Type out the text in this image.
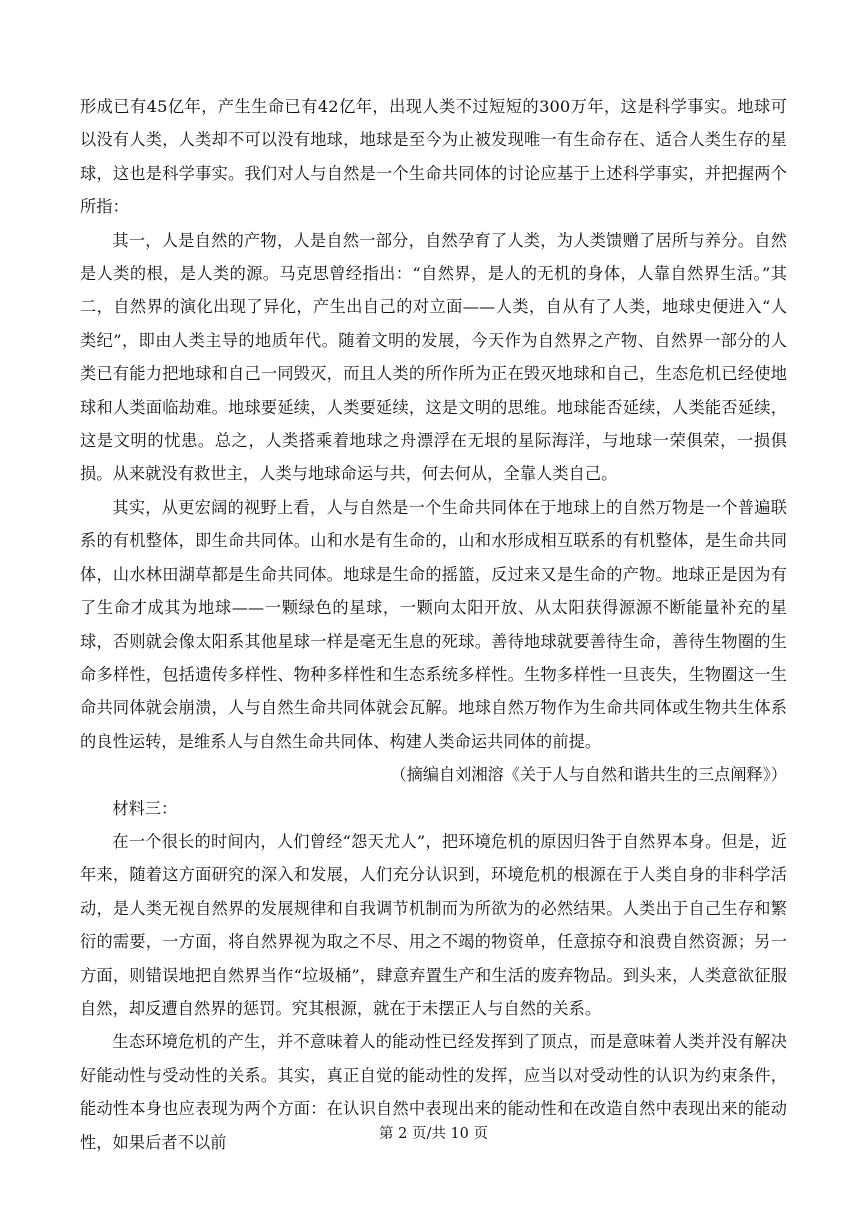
形成已有45亿年，产生生命已有42亿年，出现人类不过短短的300万年，这是科学事实。地球可以没有人类，人类却不可以没有地球，地球是至今为止被发现唯一有生命存在、适合人类生存的星球，这也是科学事实。我们对人与自然是一个生命共同体的讨论应基于上述科学事实，并把握两个所指：

其一，人是自然的产物，人是自然一部分，自然孕育了人类，为人类馈赠了居所与养分。自然是人类的根，是人类的源。马克思曾经指出：“自然界，是人的无机的身体，人靠自然界生活。”其二，自然界的演化出现了异化，产生出自己的对立面——人类，自从有了人类，地球史便进入“人类纪”，即由人类主导的地质年代。随着文明的发展，今天作为自然界之产物、自然界一部分的人类已有能力把地球和自己一同毁灭，而且人类的所作所为正在毁灭地球和自己，生态危机已经使地球和人类面临劫难。地球要延续，人类要延续，这是文明的思维。地球能否延续，人类能否延续，这是文明的忧患。总之，人类搭乘着地球之舟漂浮在无垠的星际海洋，与地球一荣俱荣，一损俱损。从来就没有救世主，人类与地球命运与共，何去何从，全靠人类自己。

其实，从更宏阔的视野上看，人与自然是一个生命共同体在于地球上的自然万物是一个普遍联系的有机整体，即生命共同体。山和水是有生命的，山和水形成相互联系的有机整体，是生命共同体，山水林田湖草都是生命共同体。地球是生命的摇篮，反过来又是生命的产物。地球正是因为有了生命才成其为地球——一颗绿色的星球，一颗向太阳开放、从太阳获得源源不断能量补充的星球，否则就会像太阳系其他星球一样是毫无生息的死球。善待地球就要善待生命，善待生物圈的生命多样性，包括遗传多样性、物种多样性和生态系统多样性。生物多样性一旦丧失，生物圈这一生命共同体就会崩溃，人与自然生命共同体就会瓦解。地球自然万物作为生命共同体或生物共生体系的良性运转，是维系人与自然生命共同体、构建人类命运共同体的前提。

（摘编自刘湘溶《关于人与自然和谐共生的三点阐释》）

材料三：

在一个很长的时间内，人们曾经“怨天尤人”，把环境危机的原因归咎于自然界本身。但是，近年来，随着这方面研究的深入和发展，人们充分认识到，环境危机的根源在于人类自身的非科学活动，是人类无视自然界的发展规律和自我调节机制而为所欲为的必然结果。人类出于自己生存和繁衍的需要，一方面，将自然界视为取之不尽、用之不竭的物资单，任意掠夺和浪费自然资源；另一方面，则错误地把自然界当作“垃圾桶”，肆意弃置生产和生活的废弃物品。到头来，人类意欲征服自然，却反遭自然界的惩罚。究其根源，就在于未摆正人与自然的关系。

生态环境危机的产生，并不意味着人的能动性已经发挥到了顶点，而是意味着人类并没有解决好能动性与受动性的关系。其实，真正自觉的能动性的发挥，应当以对受动性的认识为约束条件，能动性本身也应表现为两个方面：在认识自然中表现出来的能动性和在改造自然中表现出来的能动性，如果后者不以前	第 2 页/共 10 页
